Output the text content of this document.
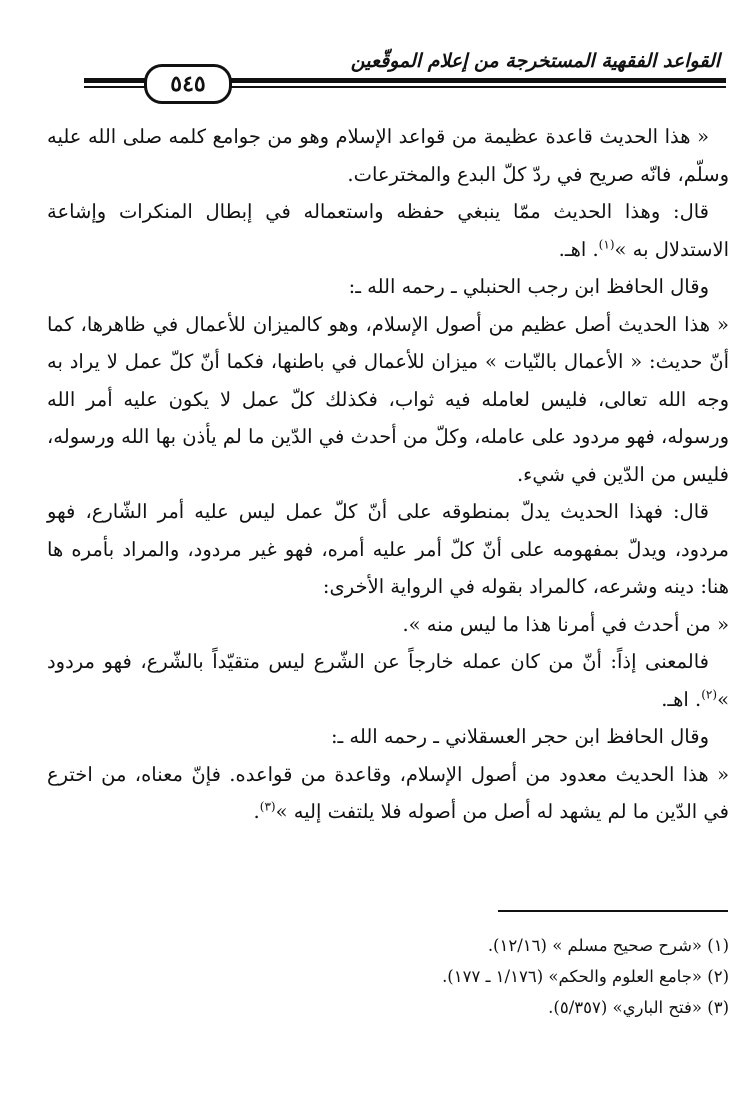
القواعد الفقهية المستخرجة من إعلام الموقّعين
٥٤٥

« هذا الحديث قاعدة عظيمة من قواعد الإسلام وهو من جوامع كلمه صلى الله عليه وسلّم، فانّه صريح في ردّ كلّ البدع والمخترعات.

قال: وهذا الحديث ممّا ينبغي حفظه واستعماله في إبطال المنكرات وإشاعة الاستدلال به »$^{(١)}$. اهـ.

وقال الحافظ ابن رجب الحنبلي ـ رحمه الله ـ:

« هذا الحديث أصل عظيم من أصول الإسلام، وهو كالميزان للأعمال في ظاهرها، كما أنّ حديث: « الأعمال بالنّيات » ميزان للأعمال في باطنها، فكما أنّ كلّ عمل لا يراد به وجه الله تعالى، فليس لعامله فيه ثواب، فكذلك كلّ عمل لا يكون عليه أمر الله ورسوله، فهو مردود على عامله، وكلّ من أحدث في الدّين ما لم يأذن بها الله ورسوله، فليس من الدّين في شيء.

قال: فهذا الحديث يدلّ بمنطوقه على أنّ كلّ عمل ليس عليه أمر الشّارع، فهو مردود، ويدلّ بمفهومه على أنّ كلّ أمر عليه أمره، فهو غير مردود، والمراد بأمره ها هنا: دينه وشرعه، كالمراد بقوله في الرواية الأخرى:

« من أحدث في أمرنا هذا ما ليس منه ».

فالمعنى إذاً: أنّ من كان عمله خارجاً عن الشّرع ليس متقيّداً بالشّرع، فهو مردود »$^{(٢)}$. اهـ.

وقال الحافظ ابن حجر العسقلاني ـ رحمه الله ـ:

« هذا الحديث معدود من أصول الإسلام، وقاعدة من قواعده. فإنّ معناه، من اخترع في الدّين ما لم يشهد له أصل من أصوله فلا يلتفت إليه »$^{(٣)}$.

(١) «شرح صحيح مسلم » (١٢/١٦).
(٢) «جامع العلوم والحكم» (١/١٧٦ ـ ١٧٧).
(٣) «فتح الباري» (٥/٣٥٧).
